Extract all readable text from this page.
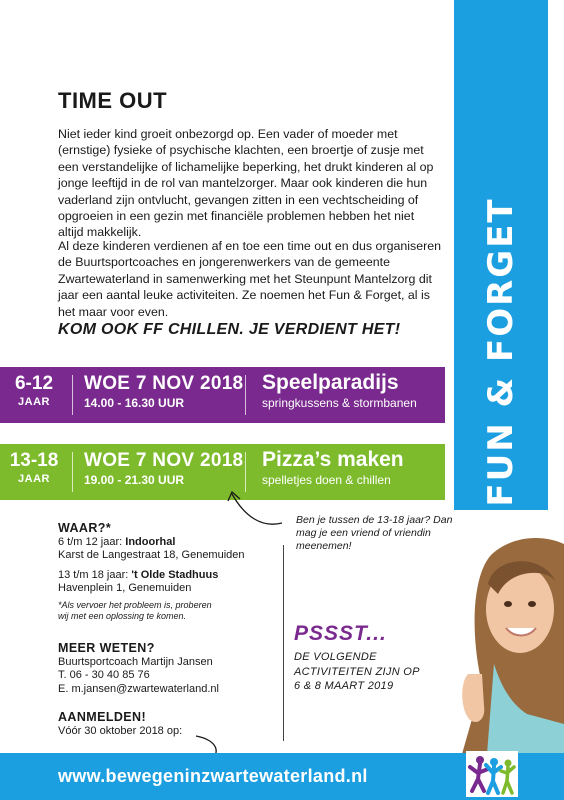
FUN & FORGET
TIME OUT

Niet ieder kind groeit onbezorgd op. Een vader of moeder met (ernstige) fysieke of psychische klachten, een broertje of zusje met een verstandelijke of lichamelijke beperking, het drukt kinderen al op jonge leeftijd in de rol van mantelzorger. Maar ook kinderen die hun vaderland zijn ontvlucht, gevangen zitten in een vechtscheiding of opgroeien in een gezin met financiële problemen hebben het niet altijd makkelijk.

Al deze kinderen verdienen af en toe een time out en dus organiseren de Buurtsportcoaches en jongerenwerkers van de gemeente Zwartewaterland in samenwerking met het Steunpunt Mantelzorg dit jaar een aantal leuke activiteiten. Ze noemen het Fun & Forget, al is het maar voor even.

KOM OOK FF CHILLEN. JE VERDIENT HET!
6-12
JAAR
WOE 7 NOV 2018
14.00 - 16.30 UUR
Speelparadijs
springkussens & stormbanen
13-18
JAAR
WOE 7 NOV 2018
19.00 - 21.30 UUR
Pizza’s maken
spelletjes doen & chillen
Ben je tussen de 13-18 jaar? Dan mag je een vriend of vriendin meenemen!
WAAR?*
6 t/m 12 jaar: Indoorhal
Karst de Langestraat 18, Genemuiden
13 t/m 18 jaar: 't Olde Stadhuus
Havenplein 1, Genemuiden
*Als vervoer het probleem is, proberen
wij met een oplossing te komen.
MEER WETEN?
Buurtsportcoach Martijn Jansen
T. 06 - 30 40 85 76
E. m.jansen@zwartewaterland.nl
AANMELDEN!
Vóór 30 oktober 2018 op:
PSSST...
DE VOLGENDE
ACTIVITEITEN ZIJN OP
6 & 8 MAART 2019
www.bewegeninzwartewaterland.nl
